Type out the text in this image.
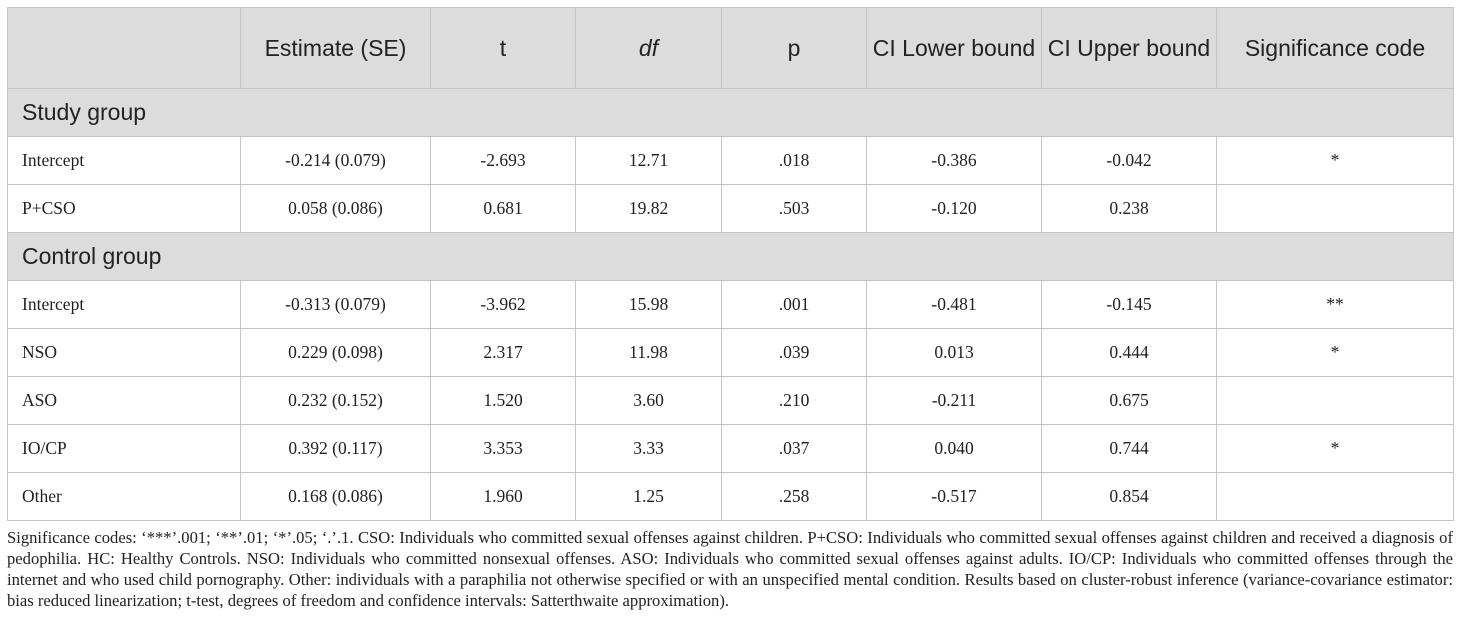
	Estimate (SE)	t	df	p	CI Lower bound	CI Upper bound	Significance code
Study group							
Intercept	-0.214 (0.079)	-2.693	12.71	.018	-0.386	-0.042	*
P+CSO	0.058 (0.086)	0.681	19.82	.503	-0.120	0.238	
Control group							
Intercept	-0.313 (0.079)	-3.962	15.98	.001	-0.481	-0.145	**
NSO	0.229 (0.098)	2.317	11.98	.039	0.013	0.444	*
ASO	0.232 (0.152)	1.520	3.60	.210	-0.211	0.675	
IO/CP	0.392 (0.117)	3.353	3.33	.037	0.040	0.744	*
Other	0.168 (0.086)	1.960	1.25	.258	-0.517	0.854	

Significance codes: ‘***’.001; ‘**’.01; ‘*’.05; ‘.’.1. CSO: Individuals who committed sexual offenses against children. P+CSO: Individuals who committed sexual offenses against children and received a diagnosis of pedophilia. HC: Healthy Controls. NSO: Individuals who committed nonsexual offenses. ASO: Individuals who committed sexual offenses against adults. IO/CP: Individuals who committed offenses through the internet and who used child pornography. Other: individuals with a paraphilia not otherwise specified or with an unspecified mental condition. Results based on cluster-robust inference (variance-covariance estimator: bias reduced linearization; t-test, degrees of freedom and confidence intervals: Satterthwaite approximation).
